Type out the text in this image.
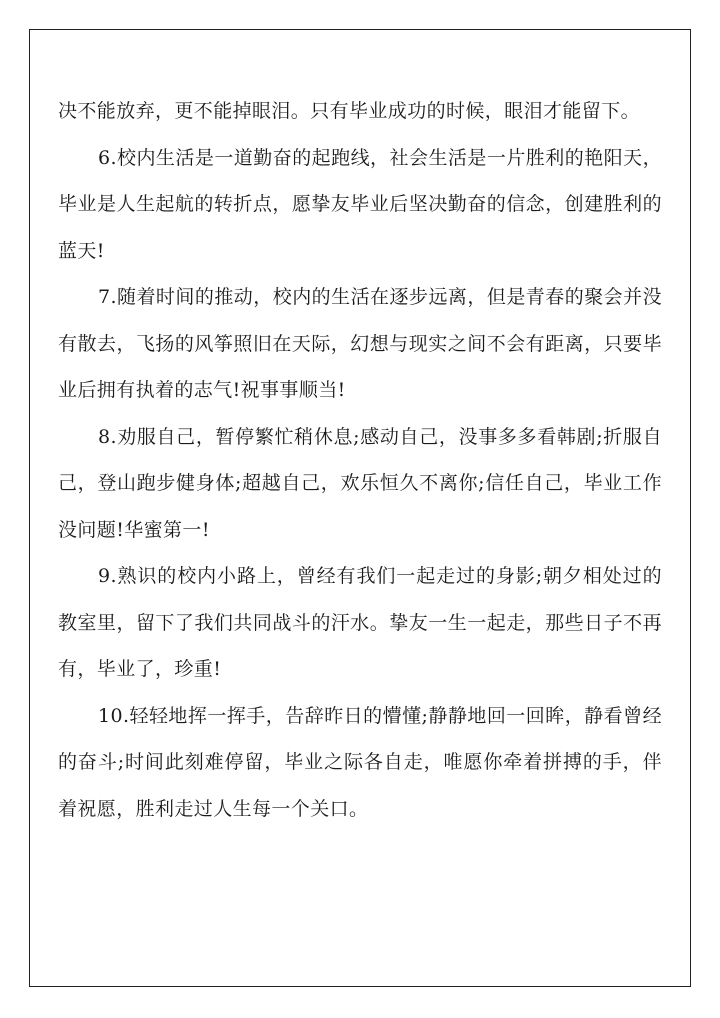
决不能放弃，更不能掉眼泪。只有毕业成功的时候，眼泪才能留下。

6.校内生活是一道勤奋的起跑线，社会生活是一片胜利的艳阳天，毕业是人生起航的转折点，愿挚友毕业后坚决勤奋的信念，创建胜利的蓝天!

7.随着时间的推动，校内的生活在逐步远离，但是青春的聚会并没有散去，飞扬的风筝照旧在天际，幻想与现实之间不会有距离，只要毕业后拥有执着的志气!祝事事顺当!

8.劝服自己，暂停繁忙稍休息;感动自己，没事多多看韩剧;折服自己，登山跑步健身体;超越自己，欢乐恒久不离你;信任自己，毕业工作没问题!华蜜第一!

9.熟识的校内小路上，曾经有我们一起走过的身影;朝夕相处过的教室里，留下了我们共同战斗的汗水。挚友一生一起走，那些日子不再有，毕业了，珍重!

10.轻轻地挥一挥手，告辞昨日的懵懂;静静地回一回眸，静看曾经的奋斗;时间此刻难停留，毕业之际各自走，唯愿你牵着拼搏的手，伴着祝愿，胜利走过人生每一个关口。
